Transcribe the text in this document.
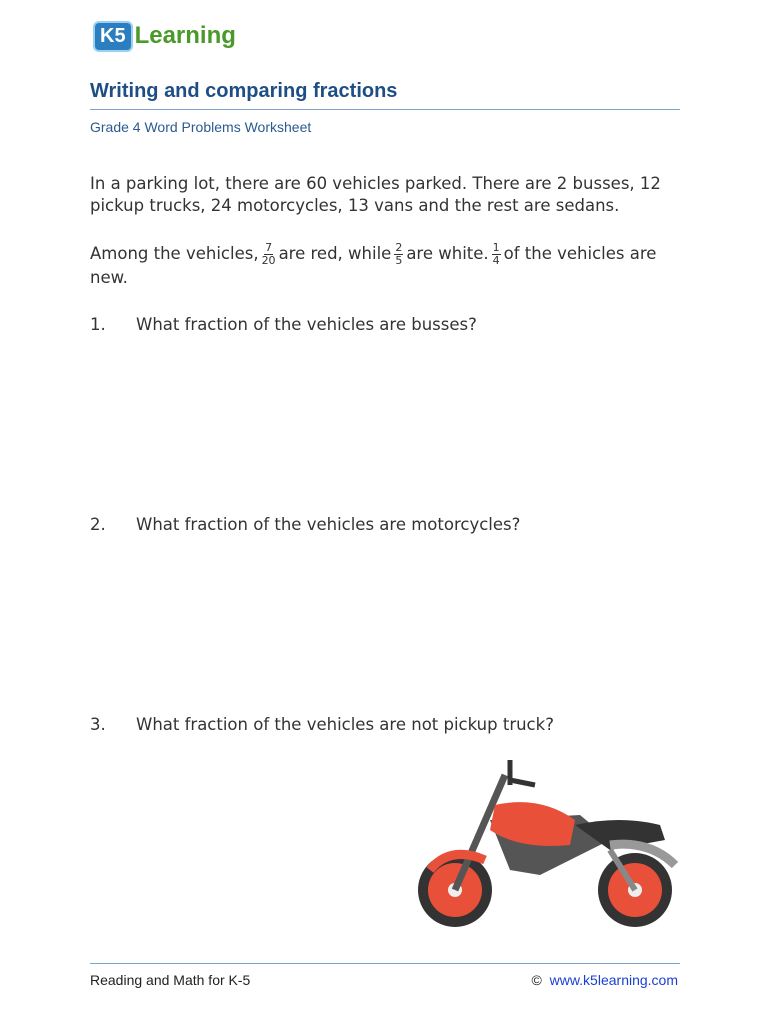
K5 Learning
Writing and comparing fractions
Grade 4 Word Problems Worksheet
In a parking lot, there are 60 vehicles parked. There are 2 busses, 12 pickup trucks, 24 motorcycles, 13 vans and the rest are sedans.
Among the vehicles, $\frac{7}{20}$ are red, while $\frac{2}{5}$ are white. $\frac{1}{4}$ of the vehicles are new.
1. What fraction of the vehicles are busses?
2. What fraction of the vehicles are motorcycles?
3. What fraction of the vehicles are not pickup truck?
Reading and Math for K-5	© www.k5learning.com
